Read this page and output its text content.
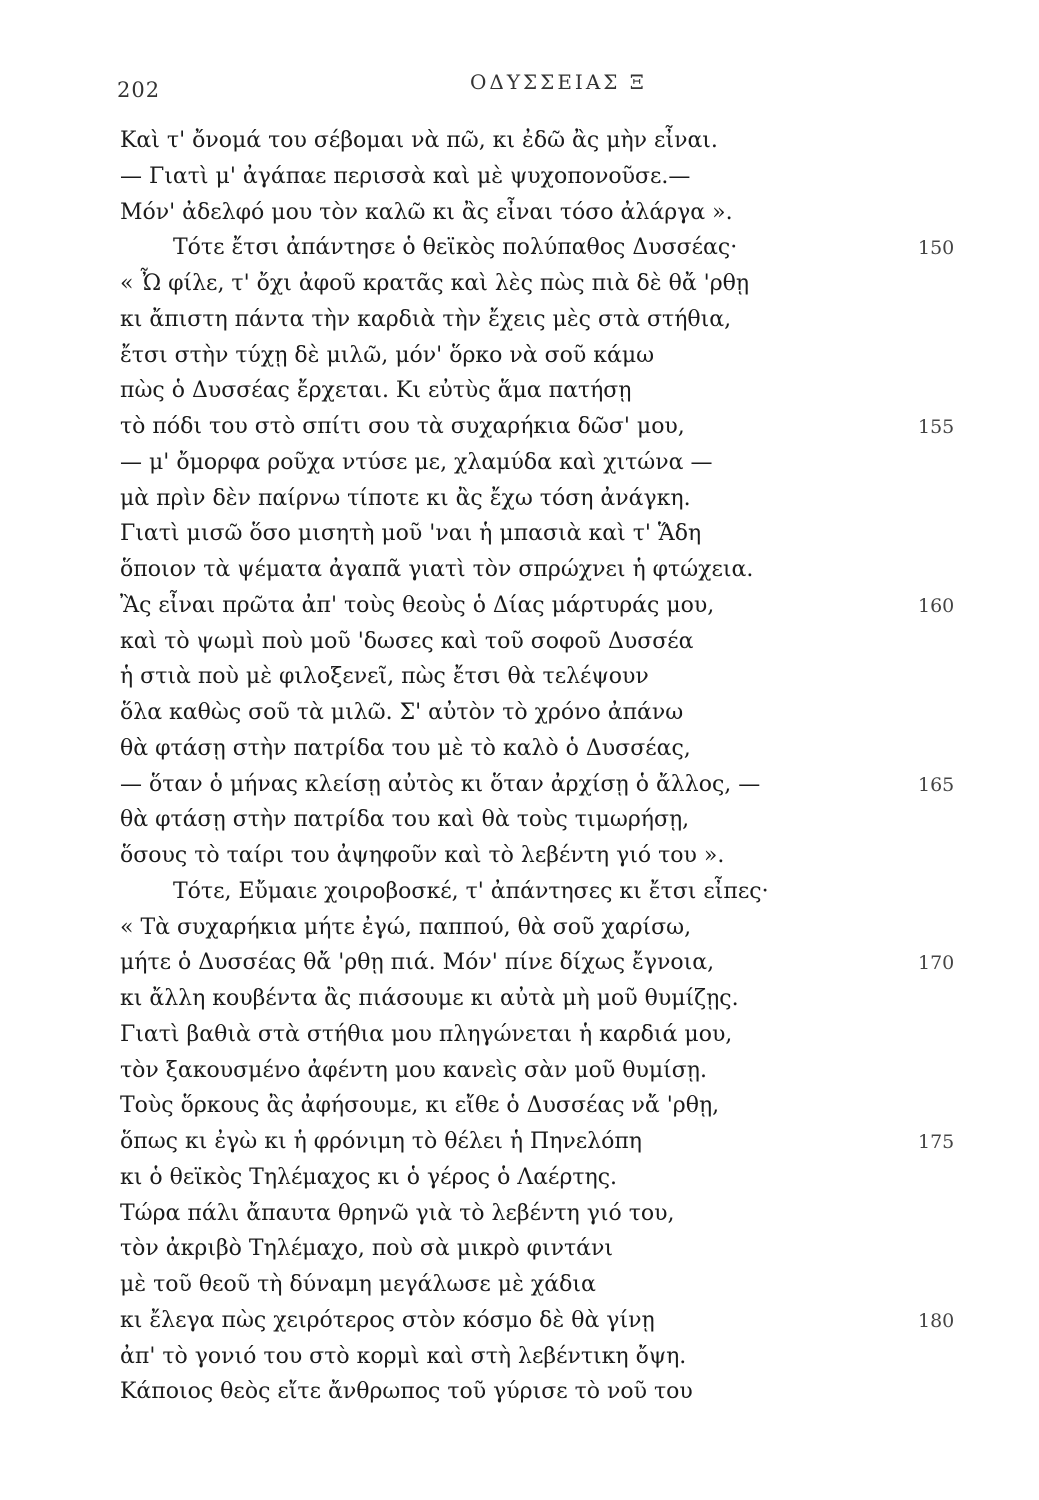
202	ΟΔΥΣΣΕΙΑΣ Ξ
Καὶ τ' ὄνομά του σέβομαι νὰ πῶ, κι ἐδῶ ἂς μὴν εἶναι.
— Γιατὶ μ' ἀγάπαε περισσὰ καὶ μὲ ψυχοπονοῦσε.—
Μόν' ἀδελφό μου τὸν καλῶ κι ἂς εἶναι τόσο ἀλάργα ».
Τότε ἔτσι ἀπάντησε ὁ θεϊκὸς πολύπαθος Δυσσέας·	150
« Ὦ φίλε, τ' ὄχι ἀφοῦ κρατᾶς καὶ λὲς πὼς πιὰ δὲ θἄ 'ρθῃ
κι ἄπιστη πάντα τὴν καρδιὰ τὴν ἔχεις μὲς στὰ στήθια,
ἔτσι στὴν τύχῃ δὲ μιλῶ, μόν' ὅρκο νὰ σοῦ κάμω
πὼς ὁ Δυσσέας ἔρχεται. Κι εὐτὺς ἅμα πατήσῃ
τὸ πόδι του στὸ σπίτι σου τὰ συχαρήκια δῶσ' μου,	155
— μ' ὄμορφα ροῦχα ντύσε με, χλαμύδα καὶ χιτώνα —
μὰ πρὶν δὲν παίρνω τίποτε κι ἂς ἔχω τόση ἀνάγκη.
Γιατὶ μισῶ ὅσο μισητὴ μοῦ 'ναι ἡ μπασιὰ καὶ τ' Ἅδη
ὅποιον τὰ ψέματα ἀγαπᾶ γιατὶ τὸν σπρώχνει ἡ φτώχεια.
Ἂς εἶναι πρῶτα ἀπ' τοὺς θεοὺς ὁ Δίας μάρτυράς μου,	160
καὶ τὸ ψωμὶ ποὺ μοῦ 'δωσες καὶ τοῦ σοφοῦ Δυσσέα
ἡ στιὰ ποὺ μὲ φιλοξενεῖ, πὼς ἔτσι θὰ τελέψουν
ὅλα καθὼς σοῦ τὰ μιλῶ. Σ' αὐτὸν τὸ χρόνο ἀπάνω
θὰ φτάσῃ στὴν πατρίδα του μὲ τὸ καλὸ ὁ Δυσσέας,
— ὅταν ὁ μήνας κλείσῃ αὐτὸς κι ὅταν ἀρχίσῃ ὁ ἄλλος, —	165
θὰ φτάσῃ στὴν πατρίδα του καὶ θὰ τοὺς τιμωρήσῃ,
ὅσους τὸ ταίρι του ἀψηφοῦν καὶ τὸ λεβέντη γιό του ».
Τότε, Εὔμαιε χοιροβοσκέ, τ' ἀπάντησες κι ἔτσι εἶπες·
« Τὰ συχαρήκια μήτε ἐγώ, παππού, θὰ σοῦ χαρίσω,
μήτε ὁ Δυσσέας θἄ 'ρθῃ πιά. Μόν' πίνε δίχως ἔγνοια,	170
κι ἄλλη κουβέντα ἂς πιάσουμε κι αὐτὰ μὴ μοῦ θυμίζῃς.
Γιατὶ βαθιὰ στὰ στήθια μου πληγώνεται ἡ καρδιά μου,
τὸν ξακουσμένο ἀφέντη μου κανεὶς σὰν μοῦ θυμίσῃ.
Τοὺς ὅρκους ἂς ἀφήσουμε, κι εἴθε ὁ Δυσσέας νἄ 'ρθῃ,
ὅπως κι ἐγὼ κι ἡ φρόνιμη τὸ θέλει ἡ Πηνελόπη	175
κι ὁ θεϊκὸς Τηλέμαχος κι ὁ γέρος ὁ Λαέρτης.
Τώρα πάλι ἄπαυτα θρηνῶ γιὰ τὸ λεβέντη γιό του,
τὸν ἀκριβὸ Τηλέμαχο, ποὺ σὰ μικρὸ φιντάνι
μὲ τοῦ θεοῦ τὴ δύναμη μεγάλωσε μὲ χάδια
κι ἔλεγα πὼς χειρότερος στὸν κόσμο δὲ θὰ γίνῃ	180
ἀπ' τὸ γονιό του στὸ κορμὶ καὶ στὴ λεβέντικη ὄψη.
Κάποιος θεὸς εἴτε ἄνθρωπος τοῦ γύρισε τὸ νοῦ του
